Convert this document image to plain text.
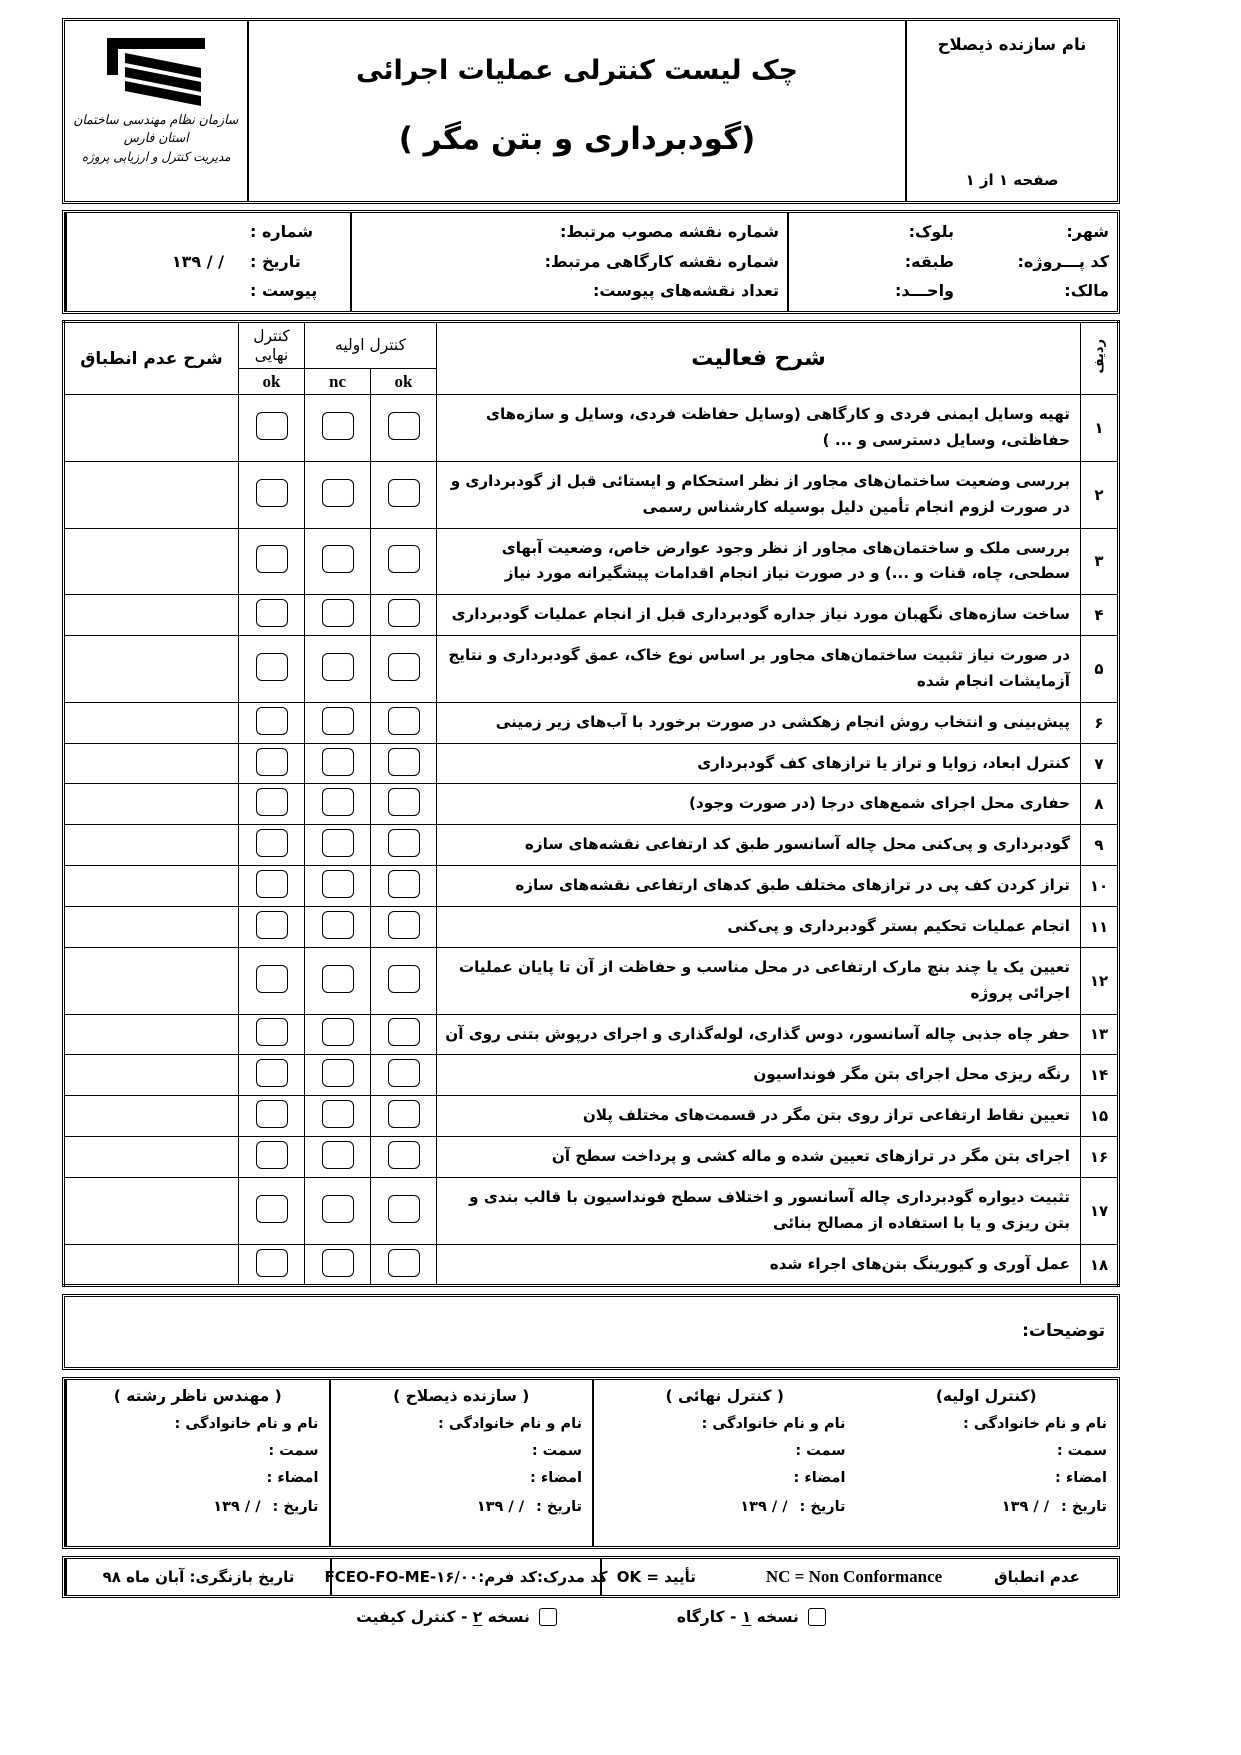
نام سازنده ذیصلاح
صفحه ۱ از ۱
چک لیست کنترلی عملیات اجرائی
(گودبرداری و بتن مگر )
سازمان نظام مهندسی ساختمان
استان فارس
مدیریت کنترل و ارزیابی پروژه
شهر:
کد پـــروژه:
مالک:
بلوک:
طبقه:
واحـــد:
شماره نقشه مصوب مرتبط:
شماره نقشه کارگاهی مرتبط:
تعداد نقشه‌های پیوست:
شماره :
تاریخ :
/ / ۱۳۹
پیوست :
ردیف	شرح فعالیت	کنترل اولیه		کنترل نهایی	شرح عدم انطباق
		ok	nc	ok	
۱	تهیه وسایل ایمنی فردی و کارگاهی (وسایل حفاظت فردی، وسایل و سازه‌های حفاظتی، وسایل دسترسی و ... )				
۲	بررسی وضعیت ساختمان‌های مجاور از نظر استحکام و ایستائی قبل از گودبرداری و در صورت لزوم انجام تأمین دلیل بوسیله کارشناس رسمی				
۳	بررسی ملک و ساختمان‌های مجاور از نظر وجود عوارض خاص، وضعیت آبهای سطحی، چاه، قنات و ...) و در صورت نیاز انجام اقدامات پیشگیرانه مورد نیاز				
۴	ساخت سازه‌های نگهبان مورد نیاز جداره گودبرداری قبل از انجام عملیات گودبرداری				
۵	در صورت نیاز تثبیت ساختمان‌های مجاور بر اساس نوع خاک، عمق گودبرداری و نتایج آزمایشات انجام شده				
۶	پیش‌بینی و انتخاب روش انجام زهکشی در صورت برخورد با آب‌های زیر زمینی				
۷	کنترل ابعاد، زوایا و تراز یا ترازهای کف گودبرداری				
۸	حفاری محل اجرای شمع‌های درجا (در صورت وجود)				
۹	گودبرداری و پی‌کنی محل چاله آسانسور طبق کد ارتفاعی نقشه‌های سازه				
۱۰	تراز کردن کف پی در ترازهای مختلف طبق کدهای ارتفاعی نقشه‌های سازه				
۱۱	انجام عملیات تحکیم بستر گودبرداری و پی‌کنی				
۱۲	تعیین یک یا چند بنچ مارک ارتفاعی در محل مناسب و حفاظت از آن تا پایان عملیات اجرائی پروژه				
۱۳	حفر چاه جذبی چاله آسانسور، دوس گذاری، لوله‌گذاری و اجرای درپوش بتنی روی آن				
۱۴	رنگه ریزی محل اجرای بتن مگر فونداسیون				
۱۵	تعیین نقاط ارتفاعی تراز روی بتن مگر در قسمت‌های مختلف پلان				
۱۶	اجرای بتن مگر در ترازهای تعیین شده و ماله کشی و پرداخت سطح آن				
۱۷	تثبیت دیواره گودبرداری چاله آسانسور و اختلاف سطح فونداسیون با قالب بندی و بتن ریزی و یا با استفاده از مصالح بنائی				
۱۸	عمل آوری و کیورینگ بتن‌های اجراء شده				
توضیحات:
(کنترل اولیه)
نام و نام خانوادگی :
سمت :
امضاء :
تاریخ :
/ / ۱۳۹
( کنترل نهائی )
نام و نام خانوادگی :
سمت :
امضاء :
تاریخ :
/ / ۱۳۹
( سازنده ذیصلاح )
نام و نام خانوادگی :
سمت :
امضاء :
تاریخ :
/ / ۱۳۹
( مهندس ناظر رشته )
نام و نام خانوادگی :
سمت :
امضاء :
تاریخ :
/ / ۱۳۹
عدم انطباق
NC = Non Conformance
تأیید = OK
کد مدرک:کد فرم:FCEO-FO-ME-۱۶/۰۰
تاریخ بازنگری: آبان ماه ۹۸
نسخه ۱ - کارگاه
نسخه ۲ - کنترل کیفیت
